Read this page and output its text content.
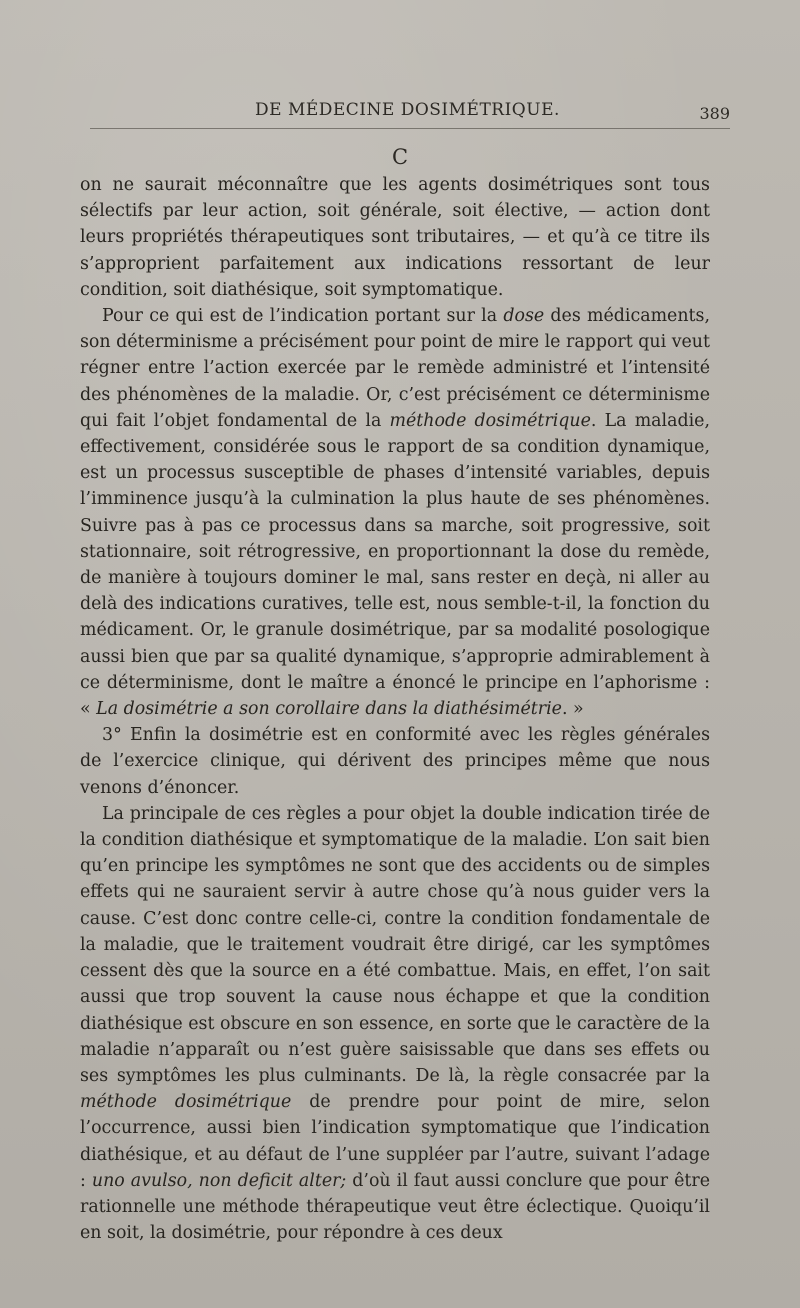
DE MÉDECINE DOSIMÉTRIQUE.	389
C

on ne saurait méconnaître que les agents dosimétriques sont tous sélectifs par leur action, soit générale, soit élective, — action dont leurs propriétés thérapeutiques sont tributaires, — et qu’à ce titre ils s’approprient parfaitement aux indications ressortant de leur condition, soit diathésique, soit symptomatique.

Pour ce qui est de l’indication portant sur la dose des médicaments, son déterminisme a précisément pour point de mire le rapport qui veut régner entre l’action exercée par le remède administré et l’intensité des phénomènes de la maladie. Or, c’est précisément ce déterminisme qui fait l’objet fondamental de la méthode dosimétrique. La maladie, effectivement, considérée sous le rapport de sa condition dynamique, est un processus susceptible de phases d’intensité variables, depuis l’imminence jusqu’à la culmination la plus haute de ses phénomènes. Suivre pas à pas ce processus dans sa marche, soit progressive, soit stationnaire, soit rétrogressive, en proportionnant la dose du remède, de manière à toujours dominer le mal, sans rester en deçà, ni aller au delà des indications curatives, telle est, nous semble-t-il, la fonction du médicament. Or, le granule dosimétrique, par sa modalité posologique aussi bien que par sa qualité dynamique, s’approprie admirablement à ce déterminisme, dont le maître a énoncé le principe en l’aphorisme : « La dosimétrie a son corollaire dans la diathésimétrie. »

3° Enfin la dosimétrie est en conformité avec les règles générales de l’exercice clinique, qui dérivent des principes même que nous venons d’énoncer.

La principale de ces règles a pour objet la double indication tirée de la condition diathésique et symptomatique de la maladie. L’on sait bien qu’en principe les symptômes ne sont que des accidents ou de simples effets qui ne sauraient servir à autre chose qu’à nous guider vers la cause. C’est donc contre celle-ci, contre la condition fondamentale de la maladie, que le traitement voudrait être dirigé, car les symptômes cessent dès que la source en a été combattue. Mais, en effet, l’on sait aussi que trop souvent la cause nous échappe et que la condition diathésique est obscure en son essence, en sorte que le caractère de la maladie n’apparaît ou n’est guère saisissable que dans ses effets ou ses symptômes les plus culminants. De là, la règle consacrée par la méthode dosimétrique de prendre pour point de mire, selon l’occurrence, aussi bien l’indication symptomatique que l’indication diathésique, et au défaut de l’une suppléer par l’autre, suivant l’adage : uno avulso, non deficit alter; d’où il faut aussi conclure que pour être rationnelle une méthode thérapeutique veut être éclectique. Quoiqu’il en soit, la dosimétrie, pour répondre à ces deux
